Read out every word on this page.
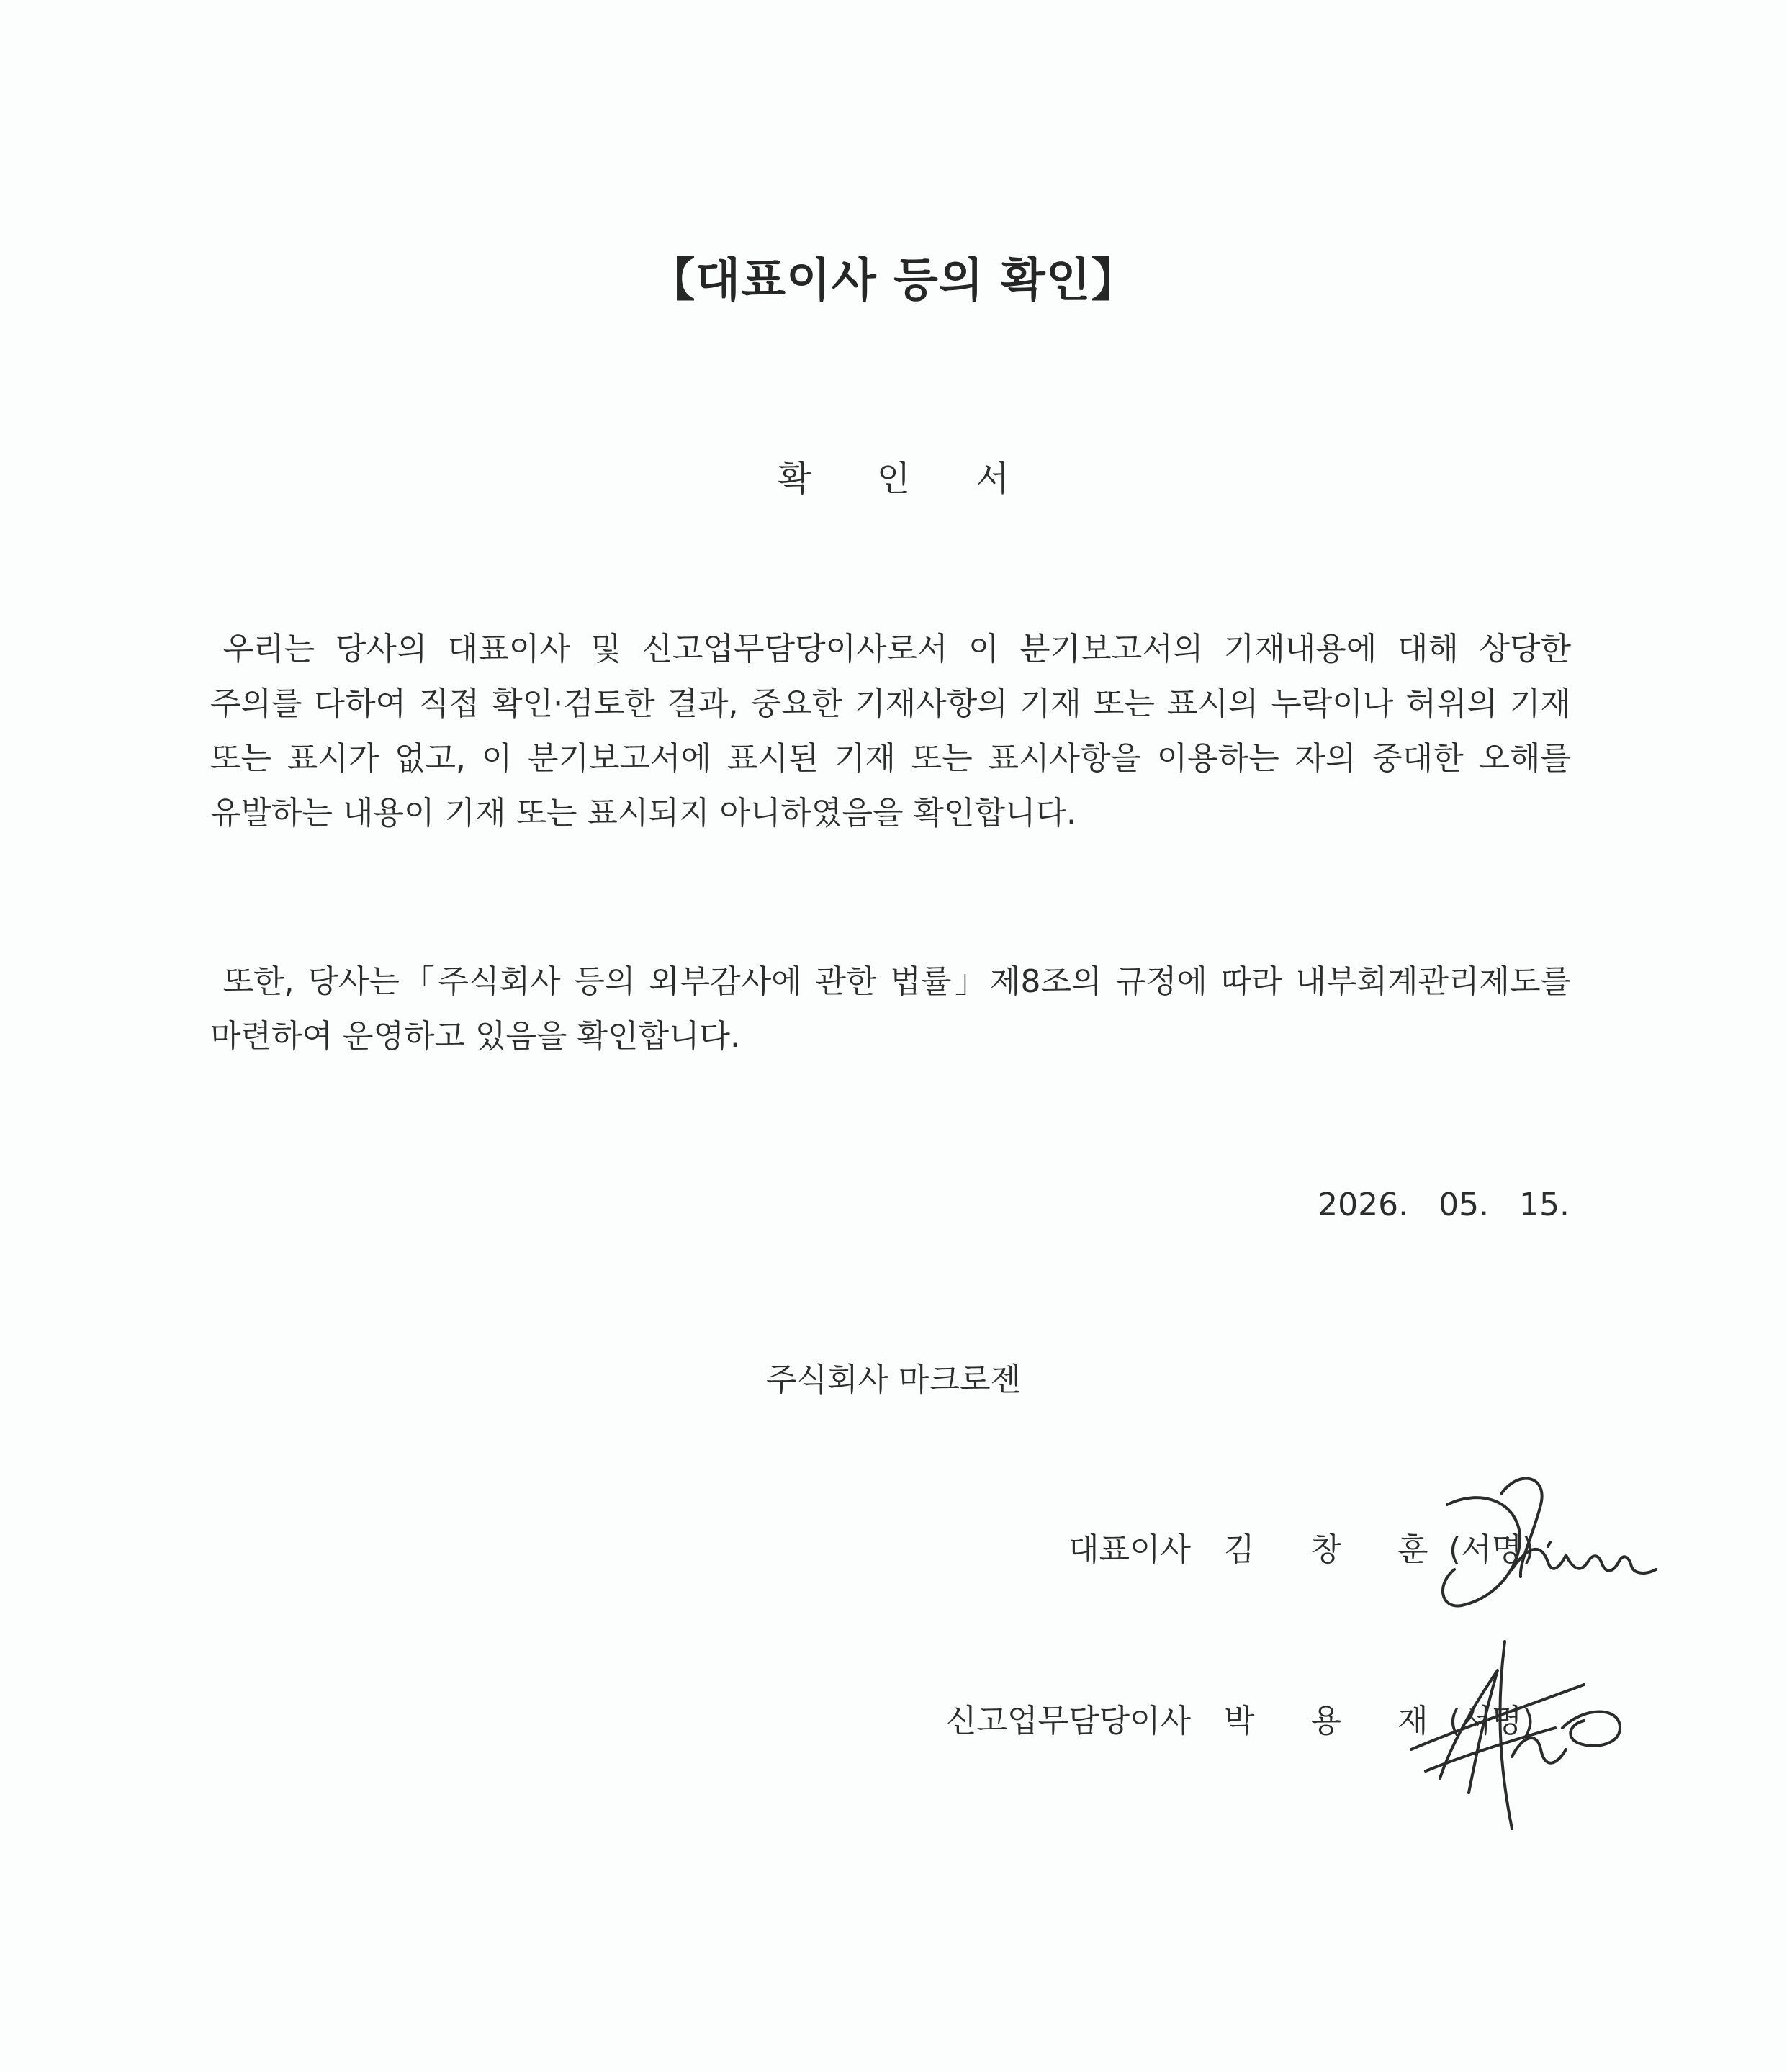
【대표이사 등의 확인】
확 인 서
우리는 당사의 대표이사 및 신고업무담당이사로서 이 분기보고서의 기재내용에 대해 상당한 주의를 다하여 직접 확인·검토한 결과, 중요한 기재사항의 기재 또는 표시의 누락이나 허위의 기재 또는 표시가 없고, 이 분기보고서에 표시된 기재 또는 표시사항을 이용하는 자의 중대한 오해를 유발하는 내용이 기재 또는 표시되지 아니하였음을 확인합니다.
또한, 당사는「주식회사 등의 외부감사에 관한 법률」제8조의 규정에 따라 내부회계관리제도를 마련하여 운영하고 있음을 확인합니다.
2026.   05.   15.
주식회사 마크로젠
대표이사 김 창 훈
(서명)
신고업무담당이사 박 용 재
(서명)
